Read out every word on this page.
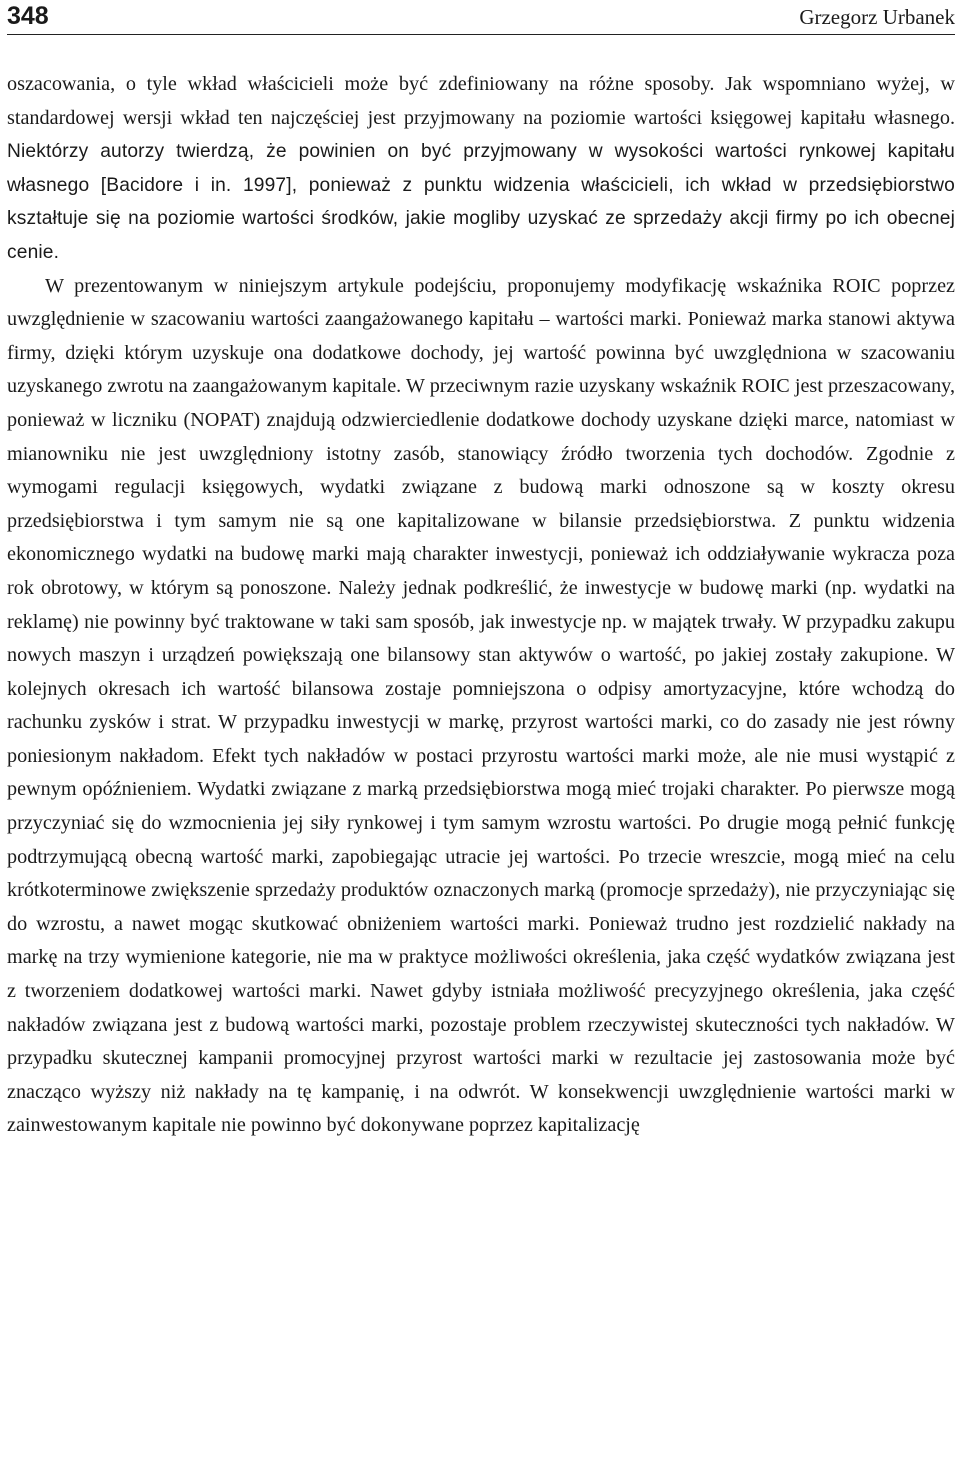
348	Grzegorz Urbanek

oszacowania, o tyle wkład właścicieli może być zdefiniowany na różne sposoby. Jak wspomniano wyżej, w standardowej wersji wkład ten najczęściej jest przyjmowany na poziomie wartości księgowej kapitału własnego. Niektórzy autorzy twierdzą, że powinien on być przyjmowany w wysokości wartości rynkowej kapitału własnego [Bacidore i in. 1997], ponieważ z punktu widzenia właścicieli, ich wkład w przedsiębiorstwo kształtuje się na poziomie wartości środków, jakie mogliby uzyskać ze sprzedaży akcji firmy po ich obecnej cenie.

W prezentowanym w niniejszym artykule podejściu, proponujemy modyfikację wskaźnika ROIC poprzez uwzględnienie w szacowaniu wartości zaangażowanego kapitału – wartości marki. Ponieważ marka stanowi aktywa firmy, dzięki którym uzyskuje ona dodatkowe dochody, jej wartość powinna być uwzględniona w szacowaniu uzyskanego zwrotu na zaangażowanym kapitale. W przeciwnym razie uzyskany wskaźnik ROIC jest przeszacowany, ponieważ w liczniku (NOPAT) znajdują odzwierciedlenie dodatkowe dochody uzyskane dzięki marce, natomiast w mianowniku nie jest uwzględniony istotny zasób, stanowiący źródło tworzenia tych dochodów. Zgodnie z wymogami regulacji księgowych, wydatki związane z budową marki odnoszone są w koszty okresu przedsiębiorstwa i tym samym nie są one kapitalizowane w bilansie przedsiębiorstwa. Z punktu widzenia ekonomicznego wydatki na budowę marki mają charakter inwestycji, ponieważ ich oddziaływanie wykracza poza rok obrotowy, w którym są ponoszone. Należy jednak podkreślić, że inwestycje w budowę marki (np. wydatki na reklamę) nie powinny być traktowane w taki sam sposób, jak inwestycje np. w majątek trwały. W przypadku zakupu nowych maszyn i urządzeń powiększają one bilansowy stan aktywów o wartość, po jakiej zostały zakupione. W kolejnych okresach ich wartość bilansowa zostaje pomniejszona o odpisy amortyzacyjne, które wchodzą do rachunku zysków i strat. W przypadku inwestycji w markę, przyrost wartości marki, co do zasady nie jest równy poniesionym nakładom. Efekt tych nakładów w postaci przyrostu wartości marki może, ale nie musi wystąpić z pewnym opóźnieniem. Wydatki związane z marką przedsiębiorstwa mogą mieć trojaki charakter. Po pierwsze mogą przyczyniać się do wzmocnienia jej siły rynkowej i tym samym wzrostu wartości. Po drugie mogą pełnić funkcję podtrzymującą obecną wartość marki, zapobiegając utracie jej wartości. Po trzecie wreszcie, mogą mieć na celu krótkoterminowe zwiększenie sprzedaży produktów oznaczonych marką (promocje sprzedaży), nie przyczyniając się do wzrostu, a nawet mogąc skutkować obniżeniem wartości marki. Ponieważ trudno jest rozdzielić nakłady na markę na trzy wymienione kategorie, nie ma w praktyce możliwości określenia, jaka część wydatków związana jest z tworzeniem dodatkowej wartości marki. Nawet gdyby istniała możliwość precyzyjnego określenia, jaka część nakładów związana jest z budową wartości marki, pozostaje problem rzeczywistej skuteczności tych nakładów. W przypadku skutecznej kampanii promocyjnej przyrost wartości marki w rezultacie jej zastosowania może być znacząco wyższy niż nakłady na tę kampanię, i na odwrót. W konsekwencji uwzględnienie wartości marki w zainwestowanym kapitale nie powinno być dokonywane poprzez kapitalizację
